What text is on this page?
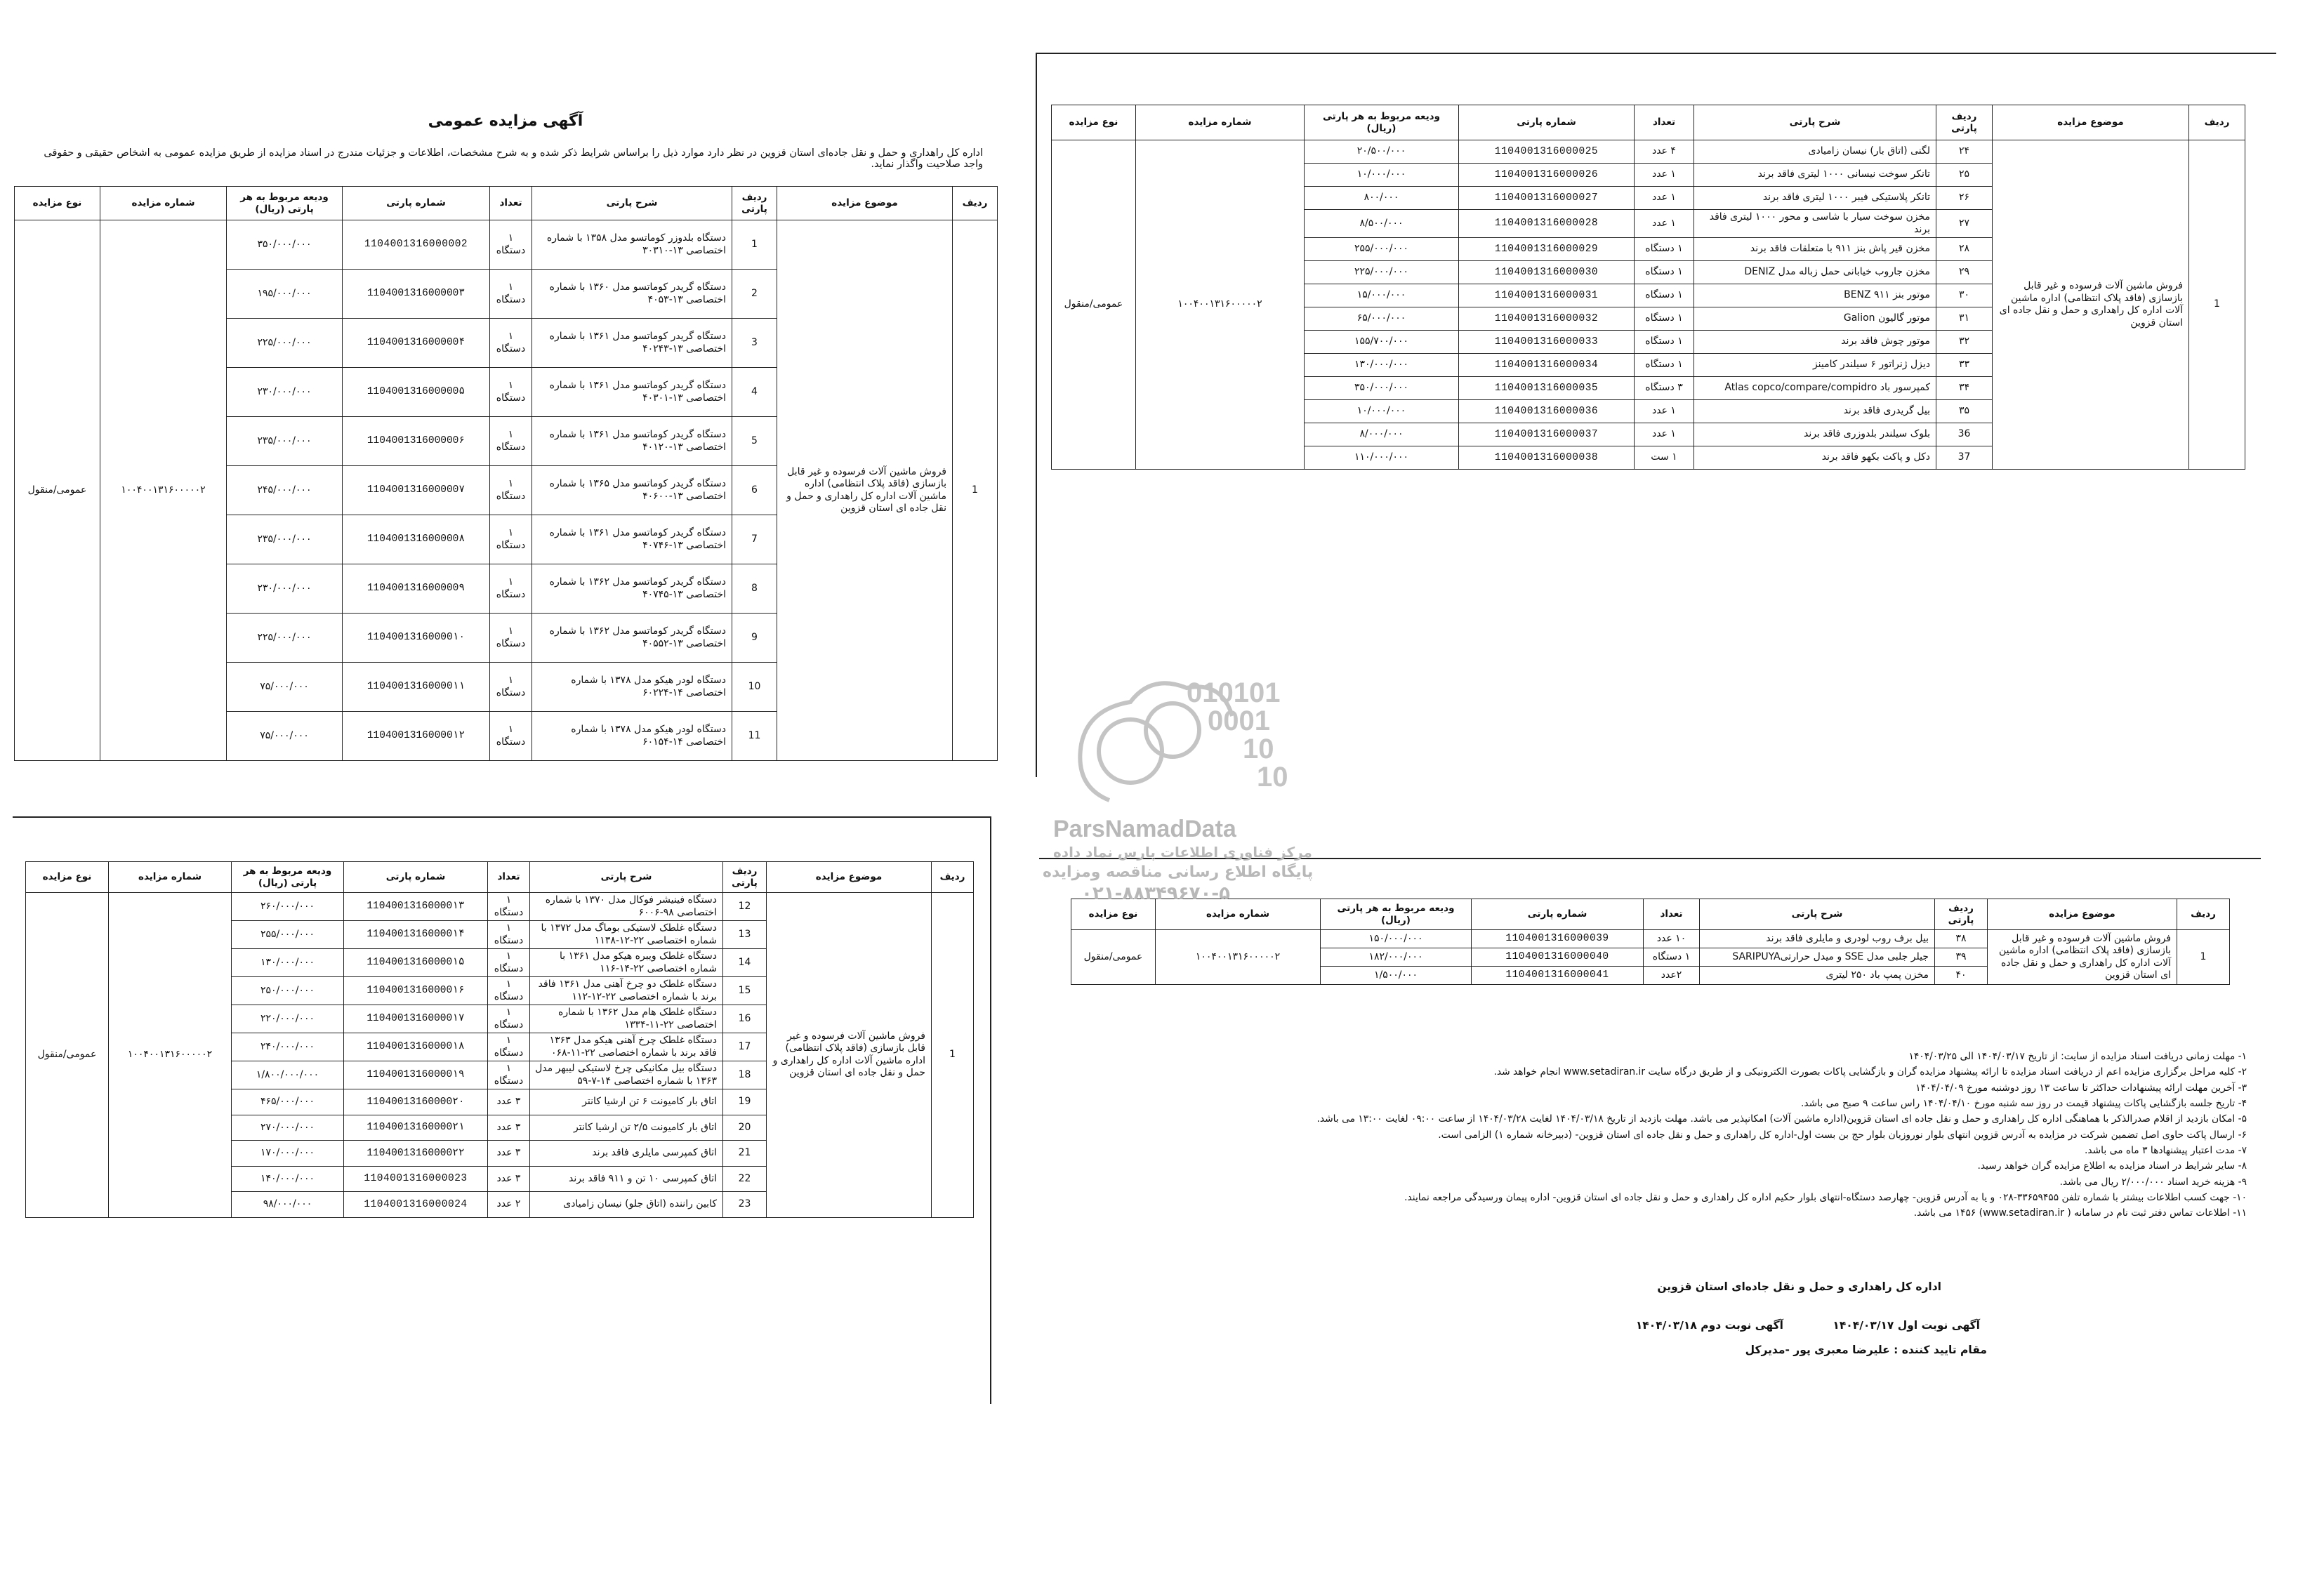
آگهی مزایده عمومی
اداره کل راهداری و حمل و نقل جاده‌ای استان قزوین در نظر دارد موارد ذیل را براساس شرایط ذکر شده و به شرح مشخصات، اطلاعات و جزئیات مندرج در اسناد مزایده از طریق مزایده عمومی به اشخاص حقیقی و حقوقی واجد صلاحیت واگذار نماید.
ردیف	موضوع مزایده	ردیف پارتی	شرح پارتی	تعداد	شماره پارتی	ودیعه مربوط به هر پارتی (ریال)	شماره مزایده	نوع مزایده
1	فروش ماشین آلات فرسوده و غیر قابل بازسازی (فاقد پلاک انتظامی) اداره ماشین آلات اداره کل راهداری و حمل و نقل جاده ای استان قزوین	1	دستگاه بلدوزر کوماتسو مدل ۱۳۵۸ با شماره اختصاصی ۱۳-۳۰۳۱۰	۱ دستگاه	1104001316000002	۳۵۰/۰۰۰/۰۰۰	۱۰۰۴۰۰۱۳۱۶۰۰۰۰۰۲	عمومی/منقول
		2	دستگاه گریدر کوماتسو مدل ۱۳۶۰ با شماره اختصاصی ۱۳-۴۰۵۳	۱ دستگاه	110400131600000۳	۱۹۵/۰۰۰/۰۰۰		
		3	دستگاه گریدر کوماتسو مدل ۱۳۶۱ با شماره اختصاصی ۱۳-۴۰۲۴۳	۱ دستگاه	110400131600000۴	۲۲۵/۰۰۰/۰۰۰		
		4	دستگاه گریدر کوماتسو مدل ۱۳۶۱ با شماره اختصاصی ۱۳-۴۰۳۰۱	۱ دستگاه	110400131600000۵	۲۳۰/۰۰۰/۰۰۰		
		5	دستگاه گریدر کوماتسو مدل ۱۳۶۱ با شماره اختصاصی ۱۳-۴۰۱۲۰	۱ دستگاه	110400131600000۶	۲۳۵/۰۰۰/۰۰۰		
		6	دستگاه گریدر کوماتسو مدل ۱۳۶۵ با شماره اختصاصی ۱۳-۴۰۶۰۰	۱ دستگاه	110400131600000۷	۲۴۵/۰۰۰/۰۰۰		
		7	دستگاه گریدر کوماتسو مدل ۱۳۶۱ با شماره اختصاصی ۱۳-۴۰۷۴۶	۱ دستگاه	110400131600000۸	۲۳۵/۰۰۰/۰۰۰		
		8	دستگاه گریدر کوماتسو مدل ۱۳۶۲ با شماره اختصاصی ۱۳-۴۰۷۴۵	۱ دستگاه	110400131600000۹	۲۳۰/۰۰۰/۰۰۰		
		9	دستگاه گریدر کوماتسو مدل ۱۳۶۲ با شماره اختصاصی ۱۳-۴۰۵۵۲	۱ دستگاه	11040013160000۱۰	۲۲۵/۰۰۰/۰۰۰		
		10	دستگاه لودر هیکو مدل ۱۳۷۸ با شماره اختصاصی ۱۴-۶۰۲۲۴	۱ دستگاه	11040013160000۱۱	۷۵/۰۰۰/۰۰۰		
		11	دستگاه لودر هیکو مدل ۱۳۷۸ با شماره اختصاصی ۱۴-۶۰۱۵۴	۱ دستگاه	11040013160000۱۲	۷۵/۰۰۰/۰۰۰		
ردیف	موضوع مزایده	ردیف پارتی	شرح پارتی	تعداد	شماره پارتی	ودیعه مربوط به هر پارتی (ریال)	شماره مزایده	نوع مزایده
1	فروش ماشین آلات فرسوده و غیر قابل بازسازی (فاقد پلاک انتظامی) اداره ماشین آلات اداره کل راهداری و حمل و نقل جاده ای استان قزوین	۲۴	لگنی (اتاق بار) نیسان زامیادی	۴ عدد	1104001316000025	۲۰/۵۰۰/۰۰۰	۱۰۰۴۰۰۱۳۱۶۰۰۰۰۰۲	عمومی/منقول
		۲۵	تانکر سوخت نیسانی ۱۰۰۰ لیتری فاقد برند	۱ عدد	1104001316000026	۱۰/۰۰۰/۰۰۰		
		۲۶	تانکر پلاستیکی فیبر ۱۰۰۰ لیتری فاقد برند	۱ عدد	1104001316000027	۸۰۰/۰۰۰		
		۲۷	مخزن سوخت سیار با شاسی و محور ۱۰۰۰ لیتری فاقد برند	۱ عدد	1104001316000028	۸/۵۰۰/۰۰۰		
		۲۸	مخزن قیر پاش بنز ۹۱۱ با متعلقات فاقد برند	۱ دستگاه	1104001316000029	۲۵۵/۰۰۰/۰۰۰		
		۲۹	مخزن جاروب خیابانی حمل زباله مدل DENIZ	۱ دستگاه	1104001316000030	۲۲۵/۰۰۰/۰۰۰		
		۳۰	موتور بنز BENZ ۹۱۱	۱ دستگاه	1104001316000031	۱۵/۰۰۰/۰۰۰		
		۳۱	موتور گالیون Galion	۱ دستگاه	1104001316000032	۶۵/۰۰۰/۰۰۰		
		۳۲	موتور چوش فاقد برند	۱ دستگاه	1104001316000033	۱۵۵/۷۰۰/۰۰۰		
		۳۳	دیزل ژنراتور ۶ سیلندر کامینز	۱ دستگاه	1104001316000034	۱۳۰/۰۰۰/۰۰۰		
		۳۴	کمپرسور باد Atlas copco/compare/compidro	۳ دستگاه	1104001316000035	۳۵۰/۰۰۰/۰۰۰		
		۳۵	بیل گریدری فاقد برند	۱ عدد	1104001316000036	۱۰/۰۰۰/۰۰۰		
		36	بلوک سیلندر بلدوزری فاقد برند	۱ عدد	1104001316000037	۸/۰۰۰/۰۰۰		
		37	دکل و پاکت بکهو فاقد برند	۱ ست	1104001316000038	۱۱۰/۰۰۰/۰۰۰		
ردیف	موضوع مزایده	ردیف پارتی	شرح پارتی	تعداد	شماره پارتی	ودیعه مربوط به هر پارتی (ریال)	شماره مزایده	نوع مزایده
1	فروش ماشین آلات فرسوده و غیر قابل بازسازی (فاقد پلاک انتظامی) اداره ماشین آلات اداره کل راهداری و حمل و نقل جاده ای استان قزوین	12	دستگاه فینیشر فوکال مدل ۱۳۷۰ با شماره اختصاصی ۹۸-۶۰۰۶	۱ دستگاه	11040013160000۱۳	۲۶۰/۰۰۰/۰۰۰	۱۰۰۴۰۰۱۳۱۶۰۰۰۰۰۲	عمومی/منقول
		13	دستگاه غلطک لاستیکی بوماگ مدل ۱۳۷۲ با شماره اختصاصی ۲۲-۱۲-۱۱۳۸	۱ دستگاه	11040013160000۱۴	۲۵۵/۰۰۰/۰۰۰		
		14	دستگاه غلطک ویبره هیکو مدل ۱۳۶۱ با شماره اختصاصی ۲۲-۱۴-۱۱۶	۱ دستگاه	11040013160000۱۵	۱۳۰/۰۰۰/۰۰۰		
		15	دستگاه غلطک دو چرخ آهنی مدل ۱۳۶۱ فاقد برند با شماره اختصاصی ۲۲-۱۲-۱۱۲	۱ دستگاه	11040013160000۱۶	۲۵۰/۰۰۰/۰۰۰		
		16	دستگاه غلطک هام مدل ۱۳۶۲ با شماره اختصاصی ۲۲-۱۱-۱۳۳۴	۱ دستگاه	11040013160000۱۷	۲۲۰/۰۰۰/۰۰۰		
		17	دستگاه غلطک چرخ آهنی هیکو مدل ۱۳۶۳ فاقد برند با شماره اختصاصی ۲۲-۱۱-۰۶۸	۱ دستگاه	11040013160000۱۸	۲۴۰/۰۰۰/۰۰۰		
		18	دستگاه بیل مکانیکی چرخ لاستیکی لیبهر مدل ۱۳۶۳ با شماره اختصاصی ۱۴-۷-۵۹	۱ دستگاه	11040013160000۱۹	۱/۸۰۰/۰۰۰/۰۰۰		
		19	اتاق بار کامیونت ۶ تن ارشیا کانتر	۳ عدد	11040013160000۲۰	۴۶۵/۰۰۰/۰۰۰		
		20	اتاق بار کامیونت ۲/۵ تن ارشیا کانتر	۳ عدد	11040013160000۲۱	۲۷۰/۰۰۰/۰۰۰		
		21	اتاق کمپرسی مایلری فاقد برند	۳ عدد	11040013160000۲۲	۱۷۰/۰۰۰/۰۰۰		
		22	اتاق کمپرسی ۱۰ تن و ۹۱۱ فاقد برند	۳ عدد	1104001316000023	۱۴۰/۰۰۰/۰۰۰		
		23	کابین راننده (اتاق جلو) نیسان زامیادی	۲ عدد	1104001316000024	۹۸/۰۰۰/۰۰۰		
ردیف	موضوع مزایده	ردیف پارتی	شرح پارتی	تعداد	شماره پارتی	ودیعه مربوط به هر پارتی (ریال)	شماره مزایده	نوع مزایده
1	فروش ماشین آلات فرسوده و غیر قابل بازسازی (فاقد پلاک انتظامی) اداره ماشین آلات اداره کل راهداری و حمل و نقل جاده ای استان قزوین	۳۸	بیل برف روب لودری و مایلری فاقد برند	۱۰ عدد	1104001316000039	۱۵۰/۰۰۰/۰۰۰	۱۰۰۴۰۰۱۳۱۶۰۰۰۰۰۲	عمومی/منقول
		۳۹	جیلر جلبی مدل SSE و میدل حرارتیSARIPUYA	۱ دستگاه	1104001316000040	۱۸۲/۰۰۰/۰۰۰		
		۴۰	مخزن پمپ باد ۲۵۰ لیتری	۲عدد	1104001316000041	۱/۵۰۰/۰۰۰		
۱- مهلت زمانی دریافت اسناد مزایده از سایت: از تاریخ ۱۴۰۴/۰۳/۱۷ الی ۱۴۰۴/۰۳/۲۵
۲- کلیه مراحل برگزاری مزایده اعم از دریافت اسناد مزایده تا ارائه پیشنهاد مزایده گران و بازگشایی پاکات بصورت الکترونیکی و از طریق درگاه سایت www.setadiran.ir انجام خواهد شد.
۳- آخرین مهلت ارائه پیشنهادات حداکثر تا ساعت ۱۳ روز دوشنبه مورخ ۱۴۰۴/۰۴/۰۹
۴- تاریخ جلسه بازگشایی پاکات پیشنهاد قیمت در روز سه شنبه مورخ ۱۴۰۴/۰۴/۱۰ راس ساعت ۹ صبح می باشد.
۵- امکان بازدید از اقلام صدرالذکر با هماهنگی اداره کل راهداری و حمل و نقل جاده ای استان قزوین(اداره ماشین آلات) امکانپذیر می باشد. مهلت بازدید از تاریخ ۱۴۰۴/۰۳/۱۸ لغایت ۱۴۰۴/۰۳/۲۸ از ساعت ۰۹:۰۰ لغایت ۱۳:۰۰ می باشد.
۶- ارسال پاکت حاوی اصل تضمین شرکت در مزایده به آدرس قزوین انتهای بلوار نوروزیان بلوار حج بن بست اول-اداره کل راهداری و حمل و نقل جاده ای استان قزوین- (دبیرخانه شماره ۱) الزامی است.
۷- مدت اعتبار پیشنهادها ۳ ماه می باشد.
۸- سایر شرایط در اسناد مزایده به اطلاع مزایده گران خواهد رسید.
۹- هزینه خرید اسناد ۲/۰۰۰/۰۰۰ ریال می باشد.
۱۰- جهت کسب اطلاعات بیشتر با شماره تلفن ۳۳۶۵۹۴۵۵-۰۲۸ و یا به آدرس قزوین- چهارصد دستگاه-انتهای بلوار حکیم اداره کل راهداری و حمل و نقل جاده ای استان قزوین- اداره پیمان ورسیدگی مراجعه نمایند.
۱۱- اطلاعات تماس دفتر ثبت نام در سامانه ( www.setadiran.ir) ۱۴۵۶ می باشد.
اداره کل راهداری و حمل و نقل جاده‌ای استان قزوین
آگهی نوبت اول ۱۴۰۴/۰۳/۱۷
آگهی نوبت دوم ۱۴۰۴/۰۳/۱۸
مقام تایید کننده : علیرضا معبری پور -مدیرکل
010101
0001
10
10
ParsNamadData
مرکز فناوری اطلاعات پارس نماد داده
پایگاه اطلاع رسانی مناقصه ومزایده
۰۲۱-۸۸۳۴۹۶۷۰-۵
